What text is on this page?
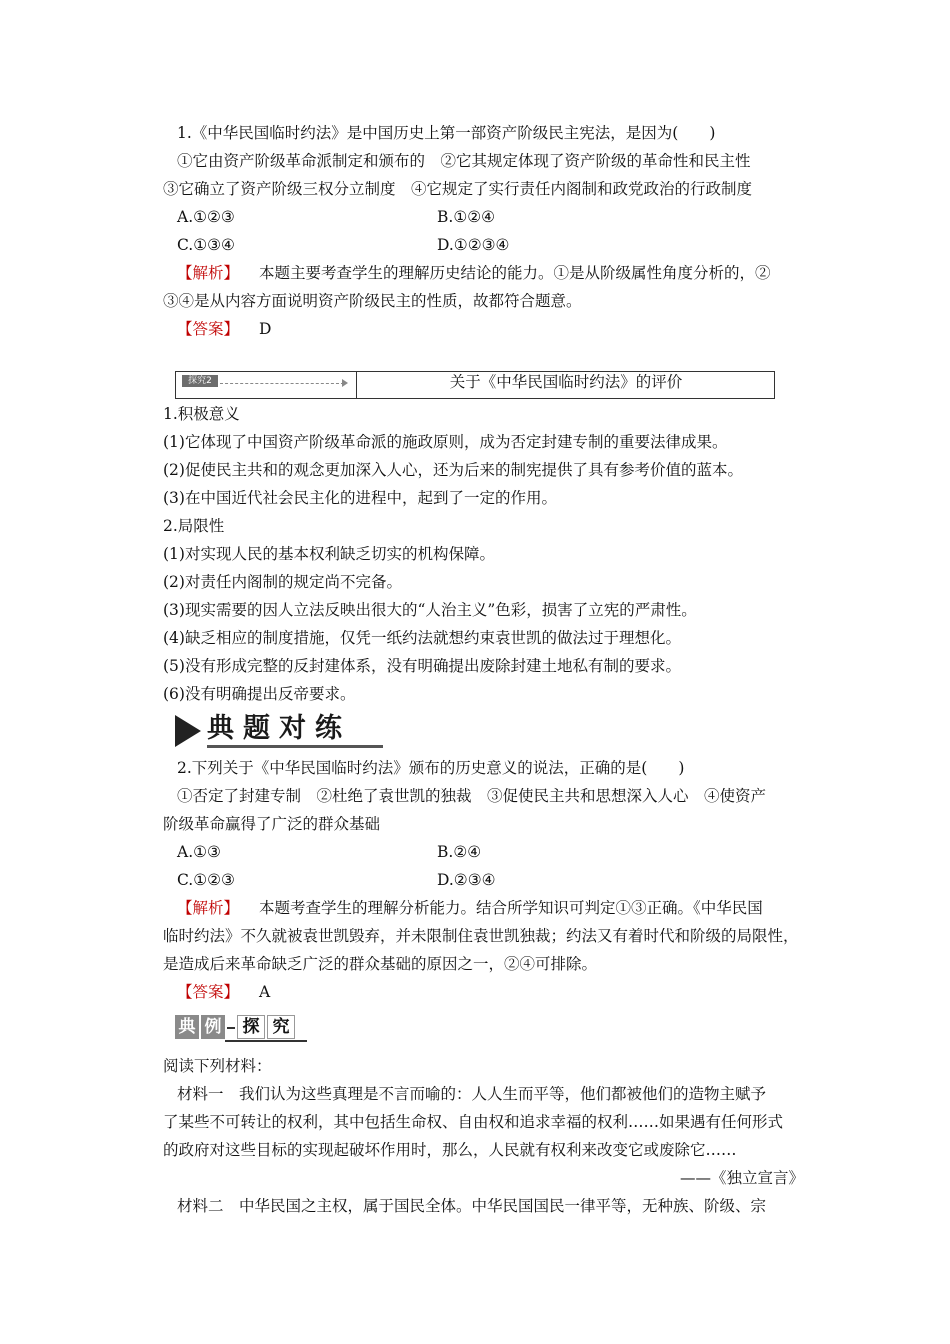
1.《中华民国临时约法》是中国历史上第一部资产阶级民主宪法，是因为(　　)
①它由资产阶级革命派制定和颁布的　②它其规定体现了资产阶级的革命性和民主性
③它确立了资产阶级三权分立制度　④它规定了实行责任内阁制和政党政治的行政制度
A.①②③	B.①②④
C.①③④	D.①②③④
【解析】 本题主要考查学生的理解历史结论的能力。①是从阶级属性角度分析的，②
③④是从内容方面说明资产阶级民主的性质，故都符合题意。
【答案】 D
探究2	关于《中华民国临时约法》的评价
1.积极意义
(1)它体现了中国资产阶级革命派的施政原则，成为否定封建专制的重要法律成果。
(2)促使民主共和的观念更加深入人心，还为后来的制宪提供了具有参考价值的蓝本。
(3)在中国近代社会民主化的进程中，起到了一定的作用。
2.局限性
(1)对实现人民的基本权利缺乏切实的机构保障。
(2)对责任内阁制的规定尚不完备。
(3)现实需要的因人立法反映出很大的“人治主义”色彩，损害了立宪的严肃性。
(4)缺乏相应的制度措施，仅凭一纸约法就想约束袁世凯的做法过于理想化。
(5)没有形成完整的反封建体系，没有明确提出废除封建土地私有制的要求。
(6)没有明确提出反帝要求。
典题对练
2.下列关于《中华民国临时约法》颁布的历史意义的说法，正确的是(　　)
①否定了封建专制　②杜绝了袁世凯的独裁　③促使民主共和思想深入人心　④使资产
阶级革命赢得了广泛的群众基础
A.①③	B.②④
C.①②③	D.②③④
【解析】 本题考查学生的理解分析能力。结合所学知识可判定①③正确。《中华民国
临时约法》不久就被袁世凯毁弃，并未限制住袁世凯独裁；约法又有着时代和阶级的局限性，
是造成后来革命缺乏广泛的群众基础的原因之一，②④可排除。
【答案】 A
典 例	探 究
阅读下列材料：
材料一　我们认为这些真理是不言而喻的：人人生而平等，他们都被他们的造物主赋予
了某些不可转让的权利，其中包括生命权、自由权和追求幸福的权利……如果遇有任何形式
的政府对这些目标的实现起破坏作用时，那么，人民就有权利来改变它或废除它……
——《独立宣言》
材料二　中华民国之主权，属于国民全体。中华民国国民一律平等，无种族、阶级、宗
